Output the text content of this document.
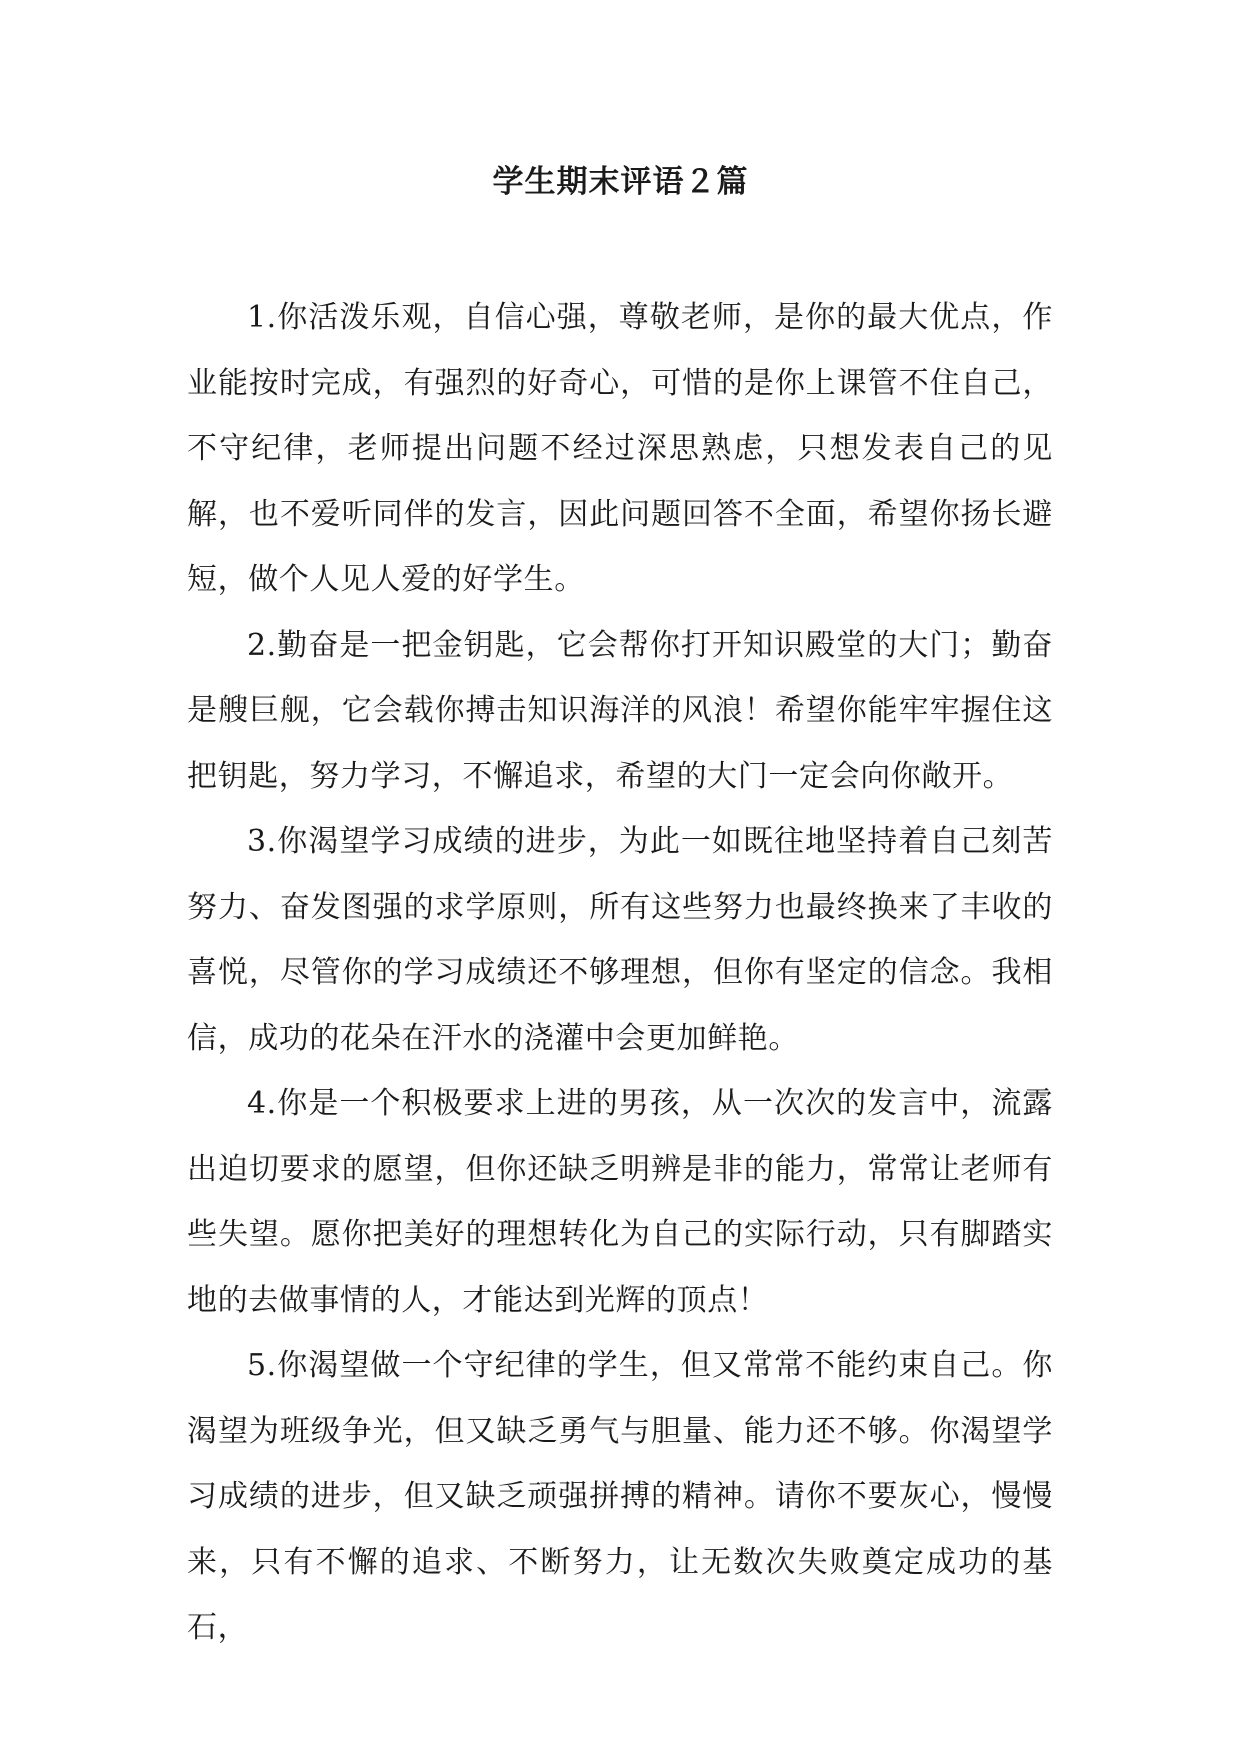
学生期末评语２篇

1.你活泼乐观，自信心强，尊敬老师，是你的最大优点，作业能按时完成，有强烈的好奇心，可惜的是你上课管不住自己，不守纪律，老师提出问题不经过深思熟虑，只想发表自己的见解，也不爱听同伴的发言，因此问题回答不全面，希望你扬长避短，做个人见人爱的好学生。

2.勤奋是一把金钥匙，它会帮你打开知识殿堂的大门；勤奋是艘巨舰，它会载你搏击知识海洋的风浪！希望你能牢牢握住这把钥匙，努力学习，不懈追求，希望的大门一定会向你敞开。

3.你渴望学习成绩的进步，为此一如既往地坚持着自己刻苦努力、奋发图强的求学原则，所有这些努力也最终换来了丰收的喜悦，尽管你的学习成绩还不够理想，但你有坚定的信念。我相信，成功的花朵在汗水的浇灌中会更加鲜艳。

4.你是一个积极要求上进的男孩，从一次次的发言中，流露出迫切要求的愿望，但你还缺乏明辨是非的能力，常常让老师有些失望。愿你把美好的理想转化为自己的实际行动，只有脚踏实地的去做事情的人，才能达到光辉的顶点！

5.你渴望做一个守纪律的学生，但又常常不能约束自己。你渴望为班级争光，但又缺乏勇气与胆量、能力还不够。你渴望学习成绩的进步，但又缺乏顽强拼搏的精神。请你不要灰心，慢慢来，只有不懈的追求、不断努力，让无数次失败奠定成功的基石，
